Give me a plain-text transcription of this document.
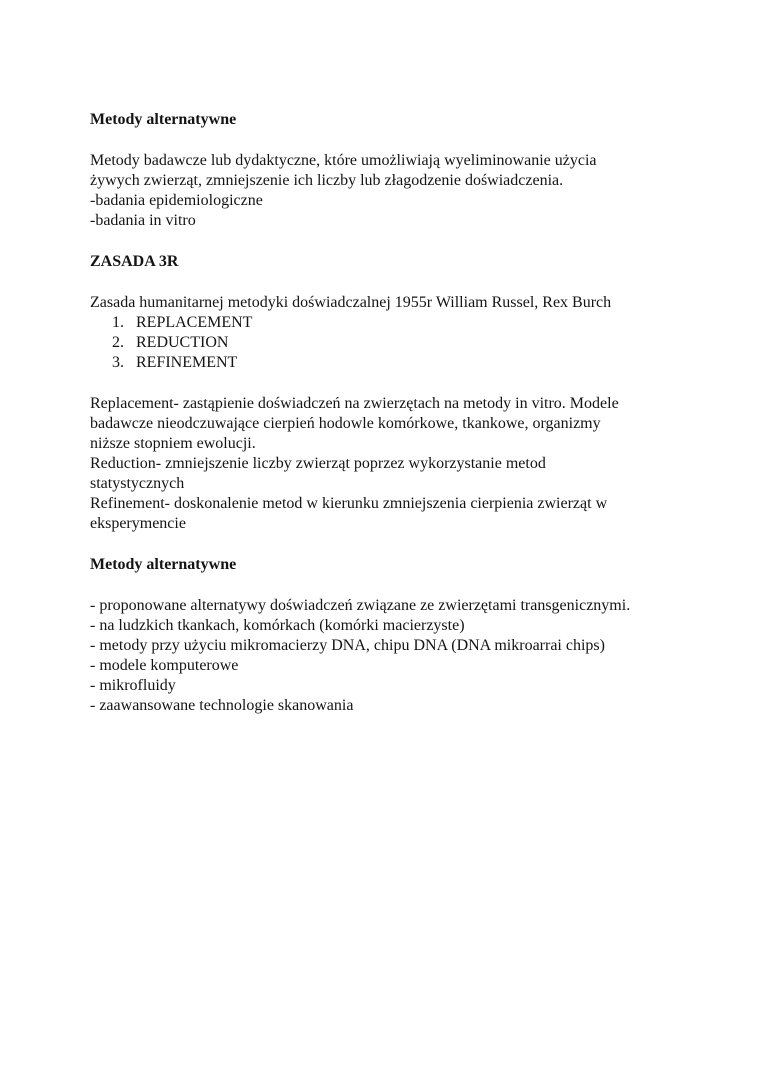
Metody alternatywne

Metody badawcze lub dydaktyczne, które umożliwiają wyeliminowanie użycia
żywych zwierząt, zmniejszenie ich liczby lub złagodzenie doświadczenia.
-badania epidemiologiczne
-badania in vitro

ZASADA 3R

Zasada humanitarnej metodyki doświadczalnej 1955r William Russel, Rex Burch

1. REPLACEMENT
2. REDUCTION
3. REFINEMENT

Replacement- zastąpienie doświadczeń na zwierzętach na metody in vitro. Modele
badawcze nieodczuwające cierpień hodowle komórkowe, tkankowe, organizmy
niższe stopniem ewolucji.
Reduction- zmniejszenie liczby zwierząt poprzez wykorzystanie metod
statystycznych
Refinement- doskonalenie metod w kierunku zmniejszenia cierpienia zwierząt w
eksperymencie

Metody alternatywne

- proponowane alternatywy doświadczeń związane ze zwierzętami transgenicznymi.
- na ludzkich tkankach, komórkach (komórki macierzyste)
- metody przy użyciu mikromacierzy DNA, chipu DNA (DNA mikroarrai chips)
- modele komputerowe
- mikrofluidy
- zaawansowane technologie skanowania
